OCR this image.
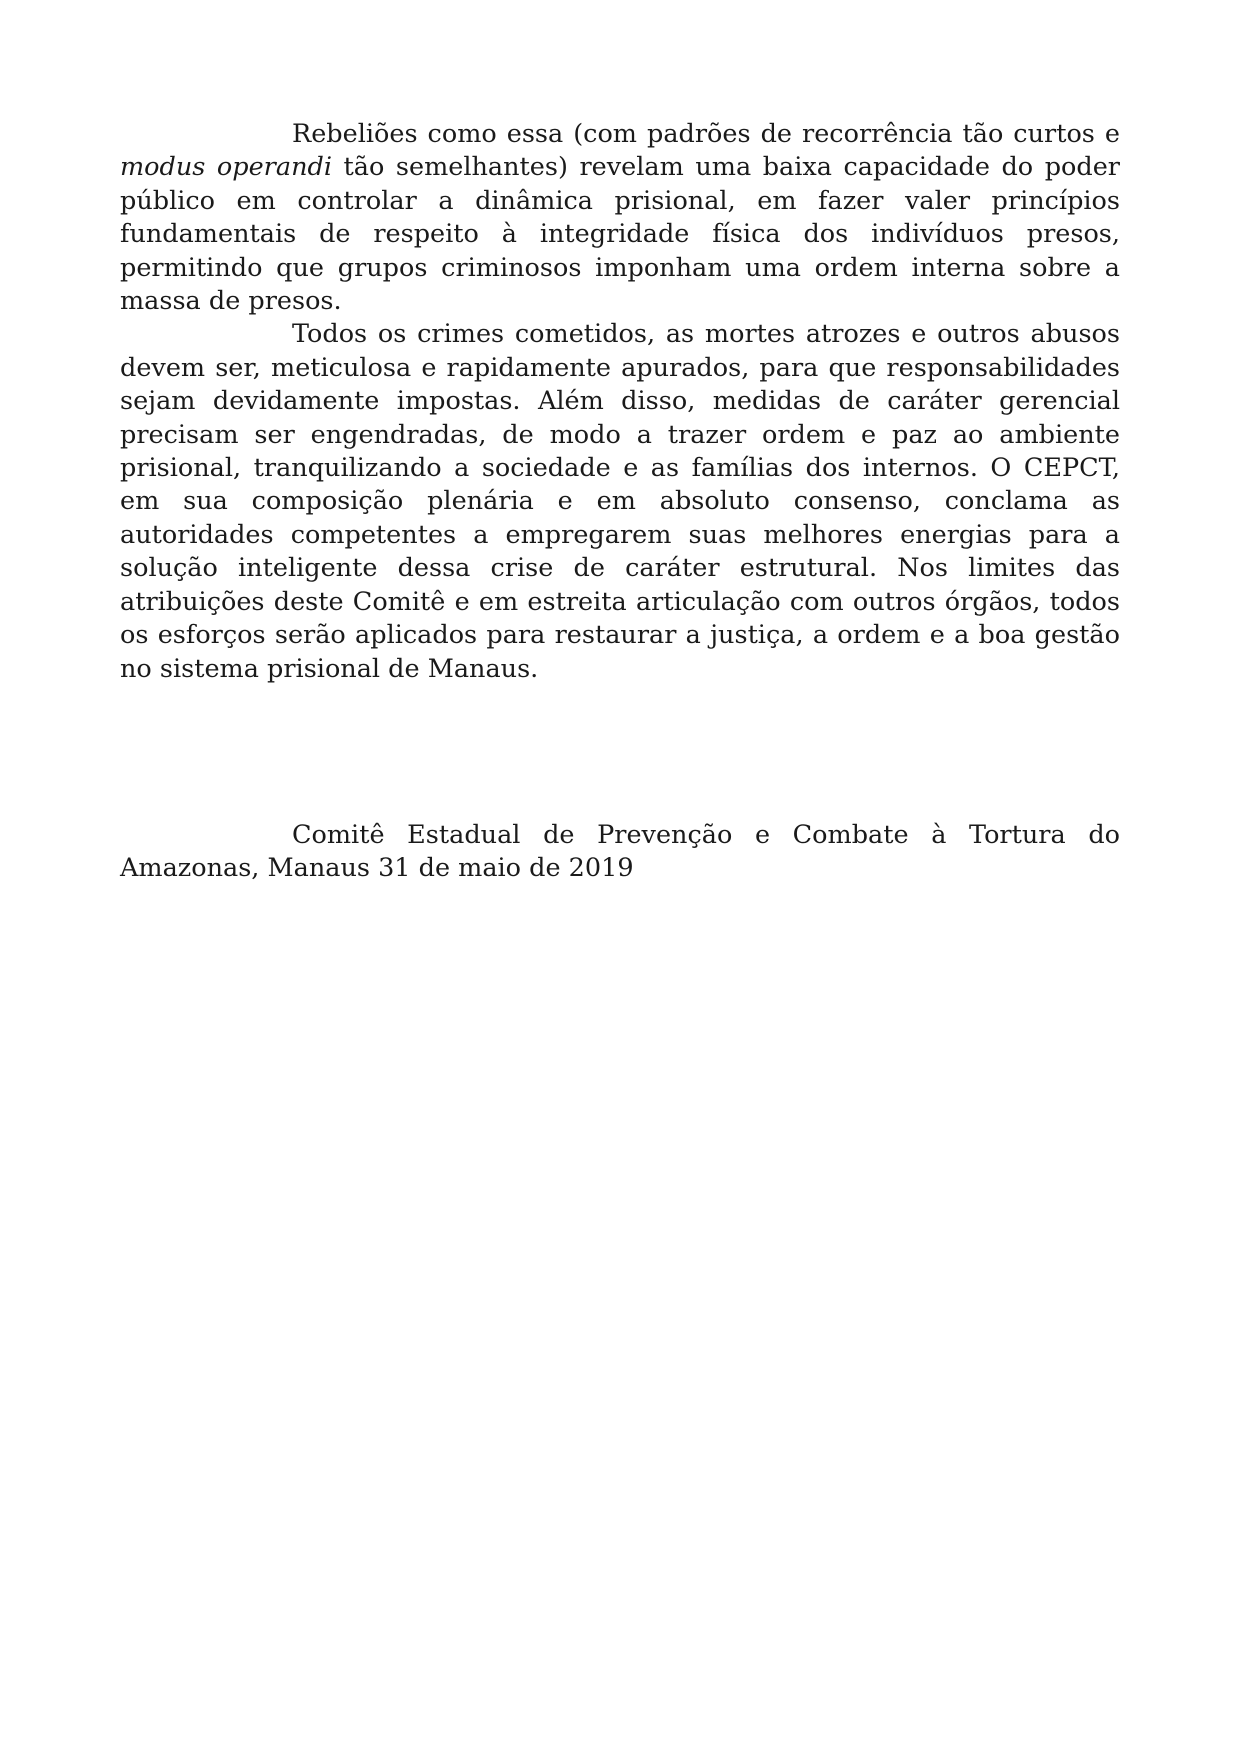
Rebeliões como essa (com padrões de recorrência tão curtos e modus operandi tão semelhantes) revelam uma baixa capacidade do poder público em controlar a dinâmica prisional, em fazer valer princípios fundamentais de respeito à integridade física dos indivíduos presos, permitindo que grupos criminosos imponham uma ordem interna sobre a massa de presos.

Todos os crimes cometidos, as mortes atrozes e outros abusos devem ser, meticulosa e rapidamente apurados, para que responsabilidades sejam devidamente impostas. Além disso, medidas de caráter gerencial precisam ser engendradas, de modo a trazer ordem e paz ao ambiente prisional, tranquilizando a sociedade e as famílias dos internos. O CEPCT, em sua composição plenária e em absoluto consenso, conclama as autoridades competentes a empregarem suas melhores energias para a solução inteligente dessa crise de caráter estrutural. Nos limites das atribuições deste Comitê e em estreita articulação com outros órgãos, todos os esforços serão aplicados para restaurar a justiça, a ordem e a boa gestão no sistema prisional de Manaus.

Comitê Estadual de Prevenção e Combate à Tortura do Amazonas, Manaus 31 de maio de 2019
